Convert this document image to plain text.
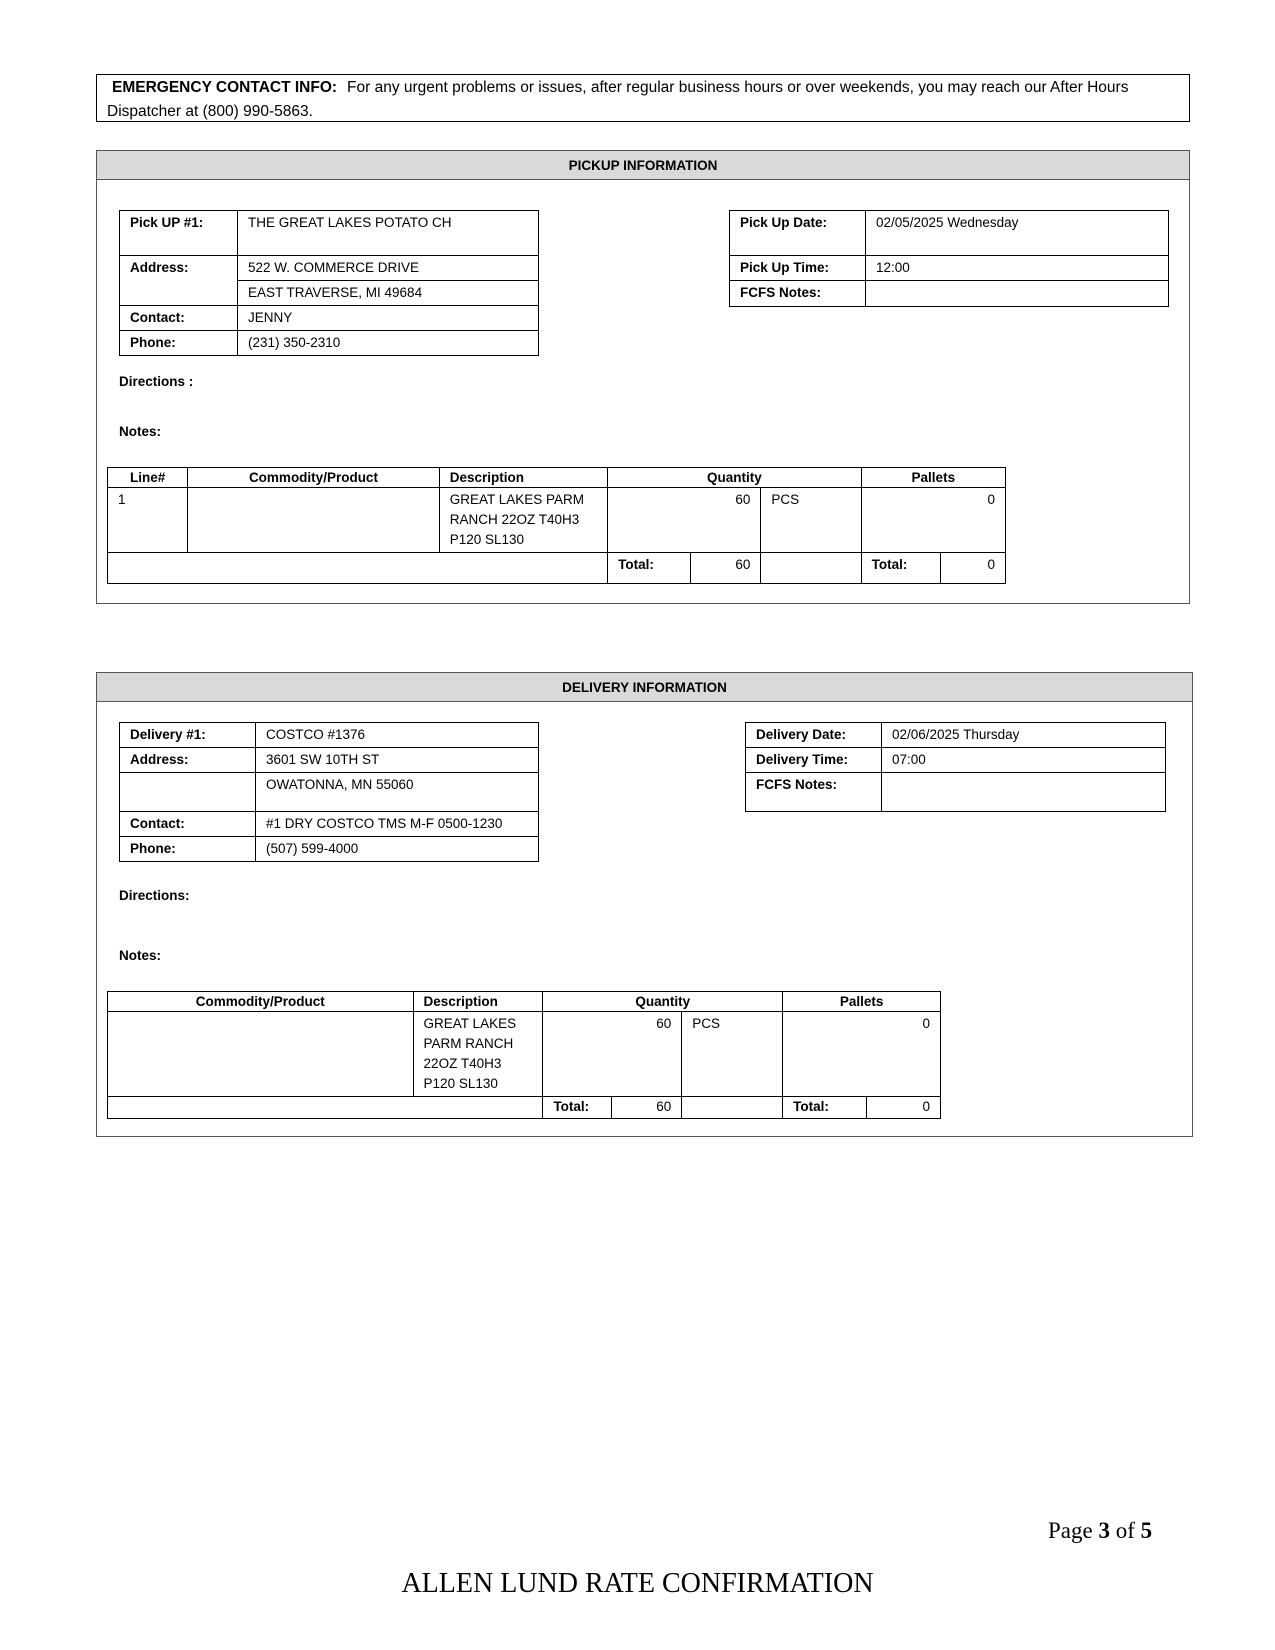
EMERGENCY CONTACT INFO: For any urgent problems or issues, after regular business hours or over weekends, you may reach our After Hours Dispatcher at (800) 990-5863.
PICKUP INFORMATION
Pick UP #1:	THE GREAT LAKES POTATO CH
Address:	522 W. COMMERCE DRIVE
	EAST TRAVERSE, MI 49684
Contact:	JENNY
Phone:	(231) 350-2310
Pick Up Date:	02/05/2025 Wednesday
Pick Up Time:	12:00
FCFS Notes:	
Directions :
Notes:
Line#	Commodity/Product	Description	Quantity			Pallets	
1		GREAT LAKES PARM
RANCH 22OZ T40H3
P120 SL130	60		PCS	0	
			Total:	60		Total:	0
DELIVERY INFORMATION
Delivery #1:	COSTCO #1376
Address:	3601 SW 10TH ST
	OWATONNA, MN 55060
Contact:	#1 DRY COSTCO TMS M-F 0500-1230
Phone:	(507) 599-4000
Delivery Date:	02/06/2025 Thursday
Delivery Time:	07:00
FCFS Notes:	
Directions:
Notes:
Commodity/Product	Description	Quantity			Pallets	

	GREAT LAKES
PARM RANCH
22OZ T40H3
P120 SL130	60		PCS	0	
		Total:	60		Total:	0
Page 3 of 5
ALLEN LUND RATE CONFIRMATION
